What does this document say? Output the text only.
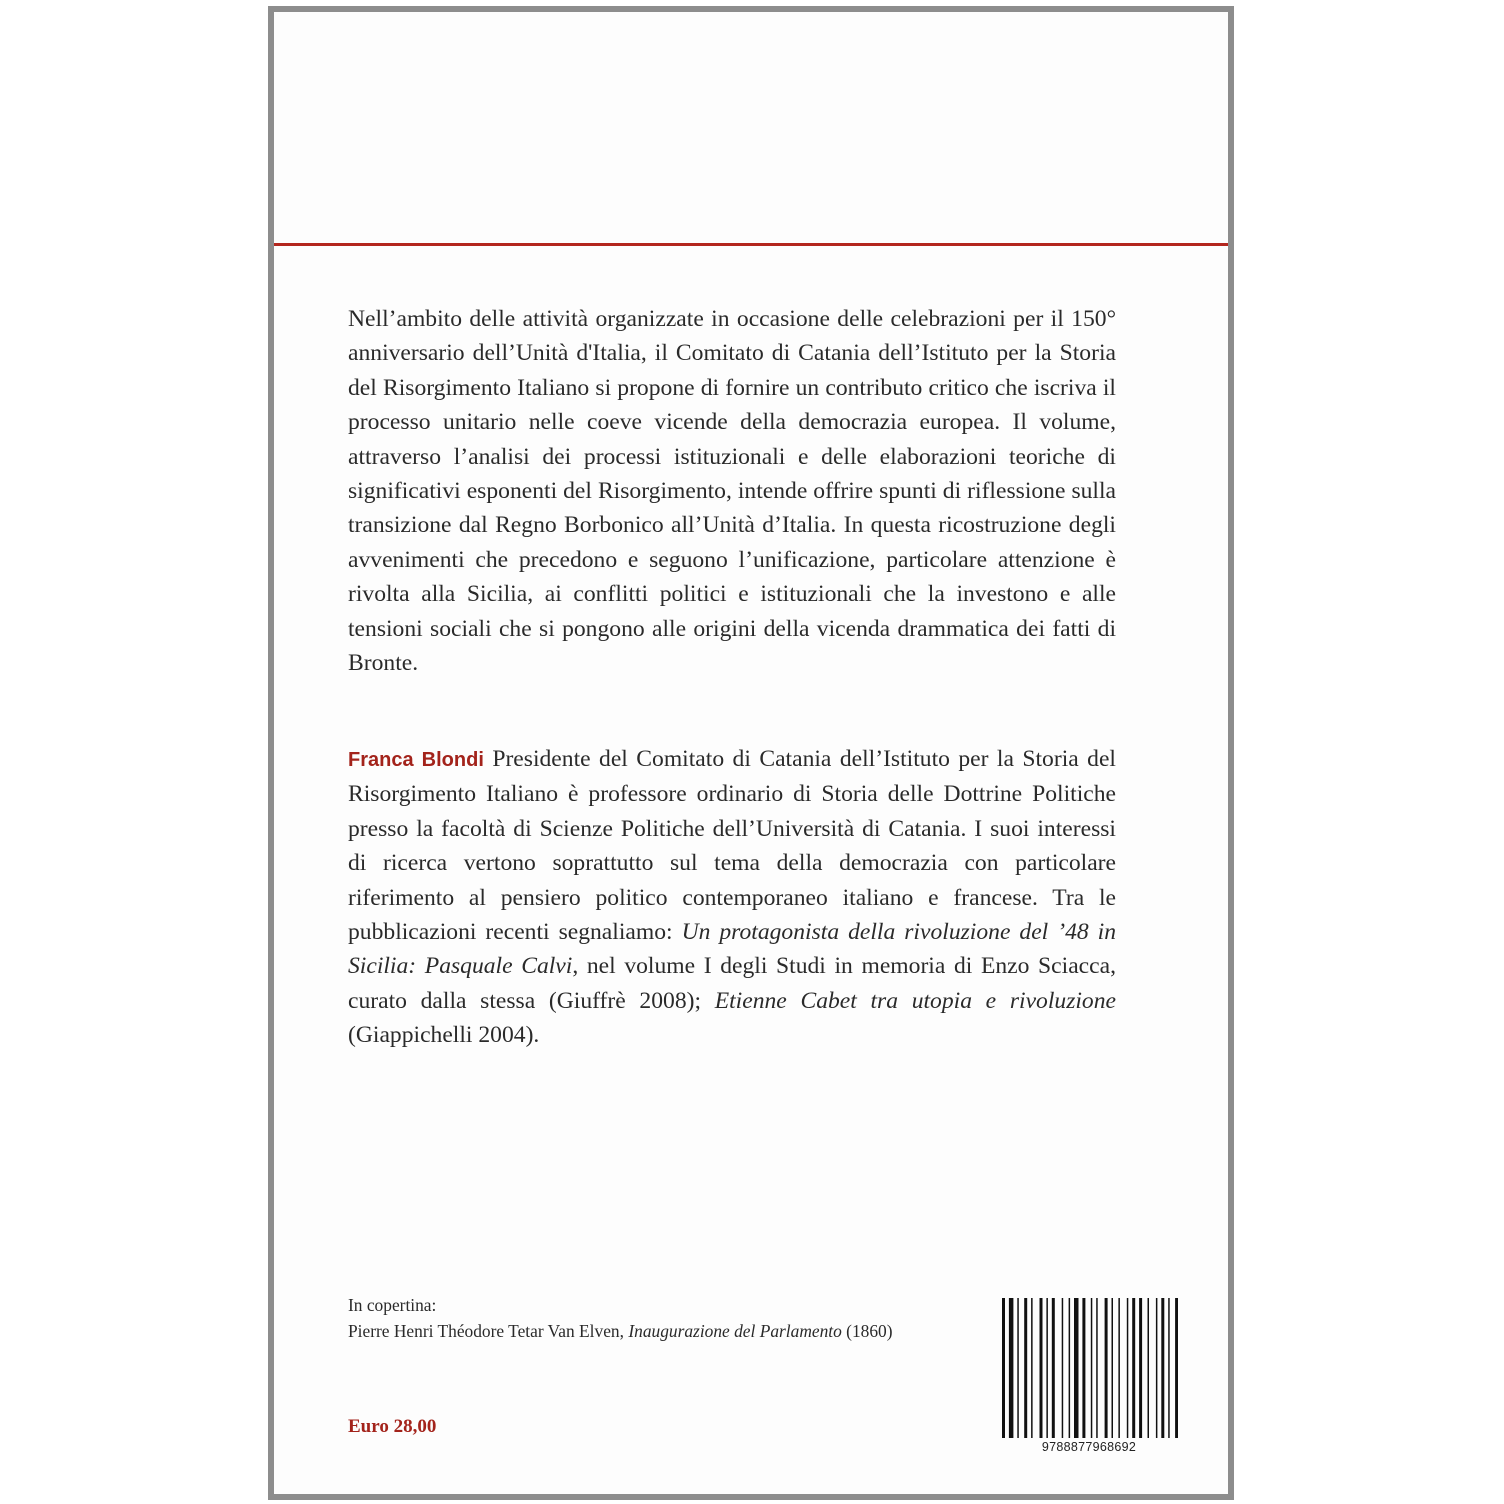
Nell’ambito delle attività organizzate in occasione delle celebrazioni per il 150° anniversario dell’Unità d'Italia, il Comitato di Catania dell’Istituto per la Storia del Risorgimento Italiano si propone di fornire un contributo critico che iscriva il processo unitario nelle coeve vicende della democrazia europea. Il volume, attraverso l’analisi dei processi istituzionali e delle elaborazioni teoriche di significativi esponenti del Risorgimento, intende offrire spunti di riflessione sulla transizione dal Regno Borbonico all’Unità d’Italia. In questa ricostruzione degli avvenimenti che precedono e seguono l’unificazione, particolare attenzione è rivolta alla Sicilia, ai conflitti politici e istituzionali che la investono e alle tensioni sociali che si pongono alle origini della vicenda drammatica dei fatti di Bronte.

Franca Blondi Presidente del Comitato di Catania dell’Istituto per la Storia del Risorgimento Italiano è professore ordinario di Storia delle Dottrine Politiche presso la facoltà di Scienze Politiche dell’Università di Catania. I suoi interessi di ricerca vertono soprattutto sul tema della democrazia con particolare riferimento al pensiero politico contemporaneo italiano e francese. Tra le pubblicazioni recenti segnaliamo: Un protagonista della rivoluzione del ’48 in Sicilia: Pasquale Calvi, nel volume I degli Studi in memoria di Enzo Sciacca, curato dalla stessa (Giuffrè 2008); Etienne Cabet tra utopia e rivoluzione (Giappichelli 2004).

In copertina:
Pierre Henri Théodore Tetar Van Elven, Inaugurazione del Parlamento (1860)
Euro 28,00
9788877968692
